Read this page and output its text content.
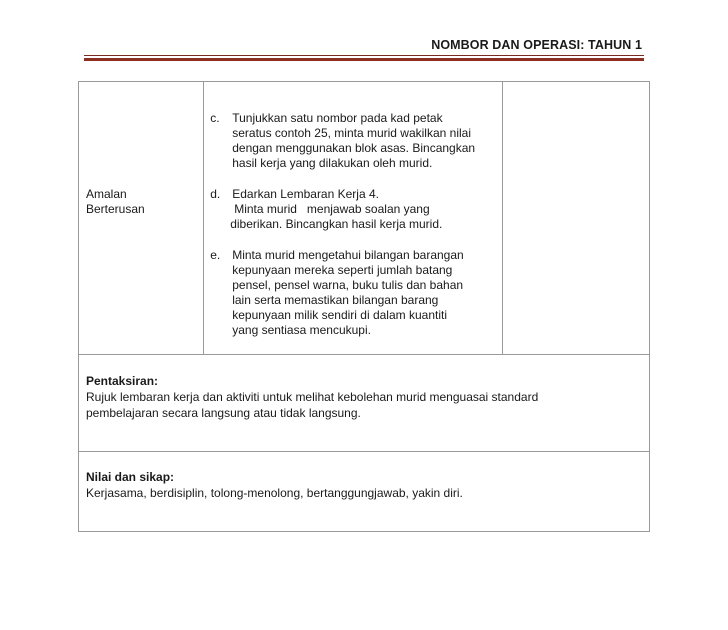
NOMBOR DAN OPERASI: TAHUN 1
Amalan
Berterusan

c.	Tunjukkan satu nombor pada kad petak
seratus contoh 25, minta murid wakilkan nilai
dengan menggunakan blok asas. Bincangkan
hasil kerja yang dilakukan oleh murid.
d. Edarkan Lembaran Kerja 4.
Minta murid   menjawab soalan yang
diberikan. Bincangkan hasil kerja murid.
e. Minta murid mengetahui bilangan barangan
kepunyaan mereka seperti jumlah batang
pensel, pensel warna, buku tulis dan bahan
lain serta memastikan bilangan barang
kepunyaan milik sendiri di dalam kuantiti
yang sentiasa mencukupi.

Pentaksiran:
Rujuk lembaran kerja dan aktiviti untuk melihat kebolehan murid menguasai standard
pembelajaran secara langsung atau tidak langsung.

Nilai dan sikap:
Kerjasama, berdisiplin, tolong-menolong, bertanggungjawab, yakin diri.
